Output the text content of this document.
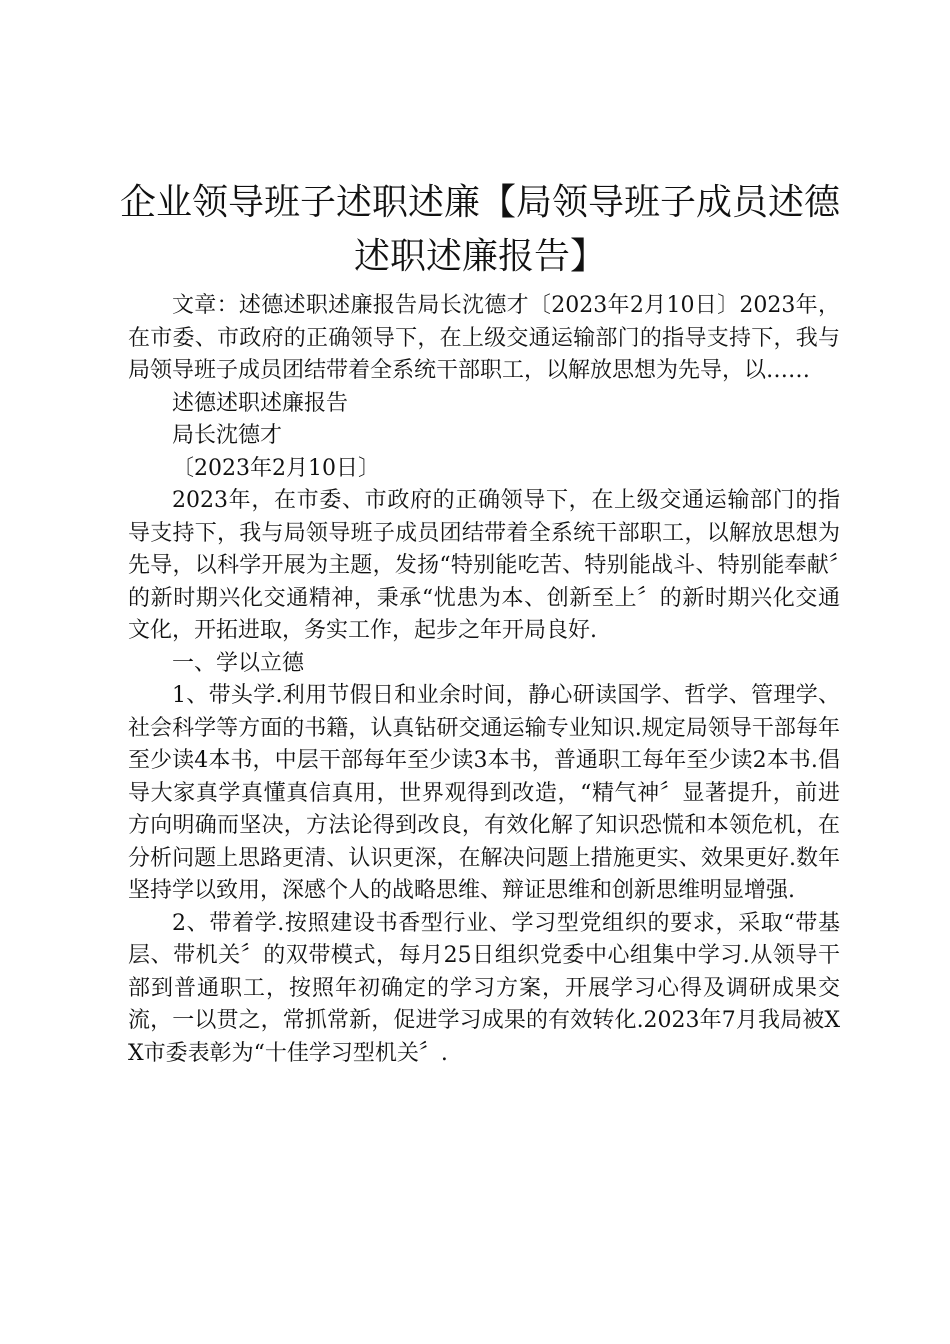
企业领导班子述职述廉【局领导班子成员述德述职述廉报告】

文章：述德述职述廉报告局长沈德才〔2023年2月10日〕2023年，在市委、市政府的正确领导下，在上级交通运输部门的指导支持下，我与局领导班子成员团结带着全系统干部职工，以解放思想为先导，以……

述德述职述廉报告

局长沈德才

〔2023年2月10日〕

2023年，在市委、市政府的正确领导下，在上级交通运输部门的指导支持下，我与局领导班子成员团结带着全系统干部职工，以解放思想为先导，以科学开展为主题，发扬“特别能吃苦、特别能战斗、特别能奉献〞的新时期兴化交通精神，秉承“忧患为本、创新至上〞的新时期兴化交通文化，开拓进取，务实工作，起步之年开局良好.

一、学以立德

1、带头学.利用节假日和业余时间，静心研读国学、哲学、管理学、社会科学等方面的书籍，认真钻研交通运输专业知识.规定局领导干部每年至少读4本书，中层干部每年至少读3本书，普通职工每年至少读2本书.倡导大家真学真懂真信真用，世界观得到改造，“精气神〞显著提升，前进方向明确而坚决，方法论得到改良，有效化解了知识恐慌和本领危机，在分析问题上思路更清、认识更深，在解决问题上措施更实、效果更好.数年坚持学以致用，深感个人的战略思维、辩证思维和创新思维明显增强.

2、带着学.按照建设书香型行业、学习型党组织的要求，采取“带基层、带机关〞的双带模式，每月25日组织党委中心组集中学习.从领导干部到普通职工，按照年初确定的学习方案，开展学习心得及调研成果交流，一以贯之，常抓常新，促进学习成果的有效转化.2023年7月我局被XX市委表彰为“十佳学习型机关〞.
